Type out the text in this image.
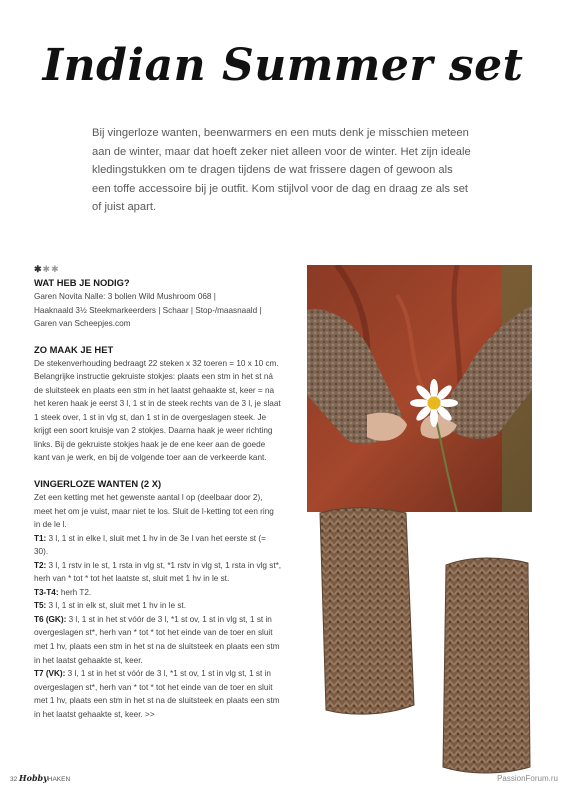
Indian Summer set
Bij vingerloze wanten, beenwarmers en een muts denk je misschien meteen aan de winter, maar dat hoeft zeker niet alleen voor de winter. Het zijn ideale kledingstukken om te dragen tijdens de wat frissere dagen of gewoon als een toffe accessoire bij je outfit. Kom stijlvol voor de dag en draag ze als set of juist apart.
✱✱✱
WAT HEB JE NODIG?

Garen Novita Nalle: 3 bollen Wild Mushroom 068 |

Haaknaald 3½ Steekmarkeerders | Schaar | Stop-/maasnaald |

Garen van Scheepjes.com

ZO MAAK JE HET

De stekenverhouding bedraagt 22 steken x 32 toeren = 10 x 10 cm. Belangrijke instructie gekruiste stokjes: plaats een stm in het st ná de sluitsteek en plaats een stm in het laatst gehaakte st, keer = na het keren haak je eerst 3 l, 1 st in de steek rechts van de 3 l, je slaat 1 steek over, 1 st in vlg st, dan 1 st in de overgeslagen steek. Je krijgt een soort kruisje van 2 stokjes. Daarna haak je weer richting links. Bij de gekruiste stokjes haak je de ene keer aan de goede kant van je werk, en bij de volgende toer aan de verkeerde kant.

VINGERLOZE WANTEN (2 X)

Zet een ketting met het gewenste aantal l op (deelbaar door 2), meet het om je vuist, maar niet te los. Sluit de l-ketting tot een ring in de le l.

T1: 3 l, 1 st in elke l, sluit met 1 hv in de 3e l van het eerste st (= 30).

T2: 3 l, 1 rstv in le st, 1 rsta in vlg st, *1 rstv in vlg st, 1 rsta in vlg st*, herh van * tot * tot het laatste st, sluit met 1 hv in le st.

T3-T4: herh T2.

T5: 3 l, 1 st in elk st, sluit met 1 hv in le st.

T6 (GK): 3 l, 1 st in het st vóór de 3 l, *1 st ov, 1 st in vlg st, 1 st in overgeslagen st*, herh van * tot * tot het einde van de toer en sluit met 1 hv, plaats een stm in het st na de sluitsteek en plaats een stm in het laatst gehaakte st, keer.

T7 (VK): 3 l, 1 st in het st vóór de 3 l, *1 st ov, 1 st in vlg st, 1 st in overgeslagen st*, herh van * tot * tot het einde van de toer en sluit met 1 hv, plaats een stm in het st na de sluitsteek en plaats een stm in het laatst gehaakte st, keer. >>

32 HobbyHAKEN	PassionForum.ru
